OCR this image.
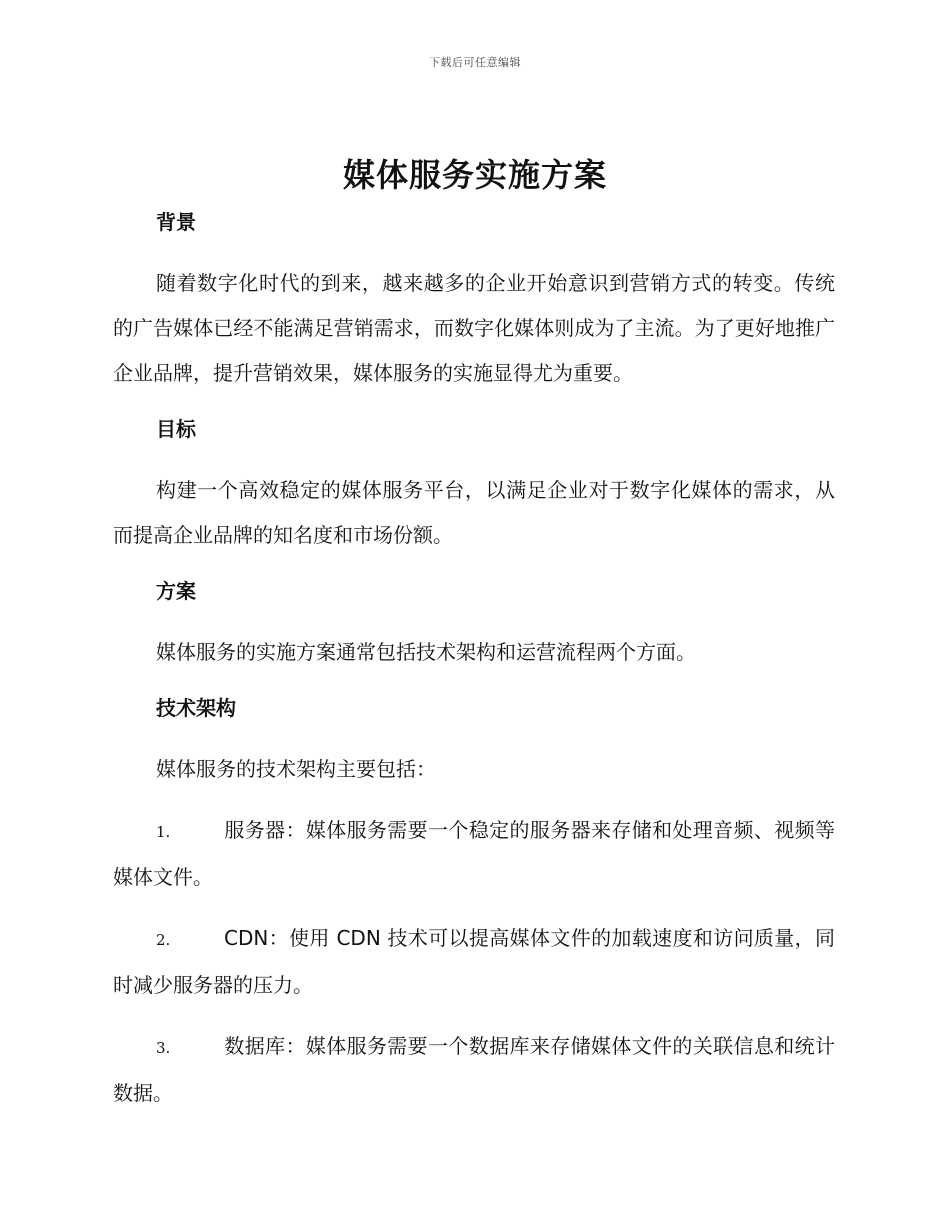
下载后可任意编辑
媒体服务实施方案
背景

随着数字化时代的到来，越来越多的企业开始意识到营销方式的转变。传统的广告媒体已经不能满足营销需求，而数字化媒体则成为了主流。为了更好地推广企业品牌，提升营销效果，媒体服务的实施显得尤为重要。

目标

构建一个高效稳定的媒体服务平台，以满足企业对于数字化媒体的需求，从而提高企业品牌的知名度和市场份额。

方案

媒体服务的实施方案通常包括技术架构和运营流程两个方面。

技术架构

媒体服务的技术架构主要包括：

1.	服务器：媒体服务需要一个稳定的服务器来存储和处理音频、视频等媒体文件。

2.	CDN：使用 CDN 技术可以提高媒体文件的加载速度和访问质量，同时减少服务器的压力。

3.	数据库：媒体服务需要一个数据库来存储媒体文件的关联信息和统计数据。
